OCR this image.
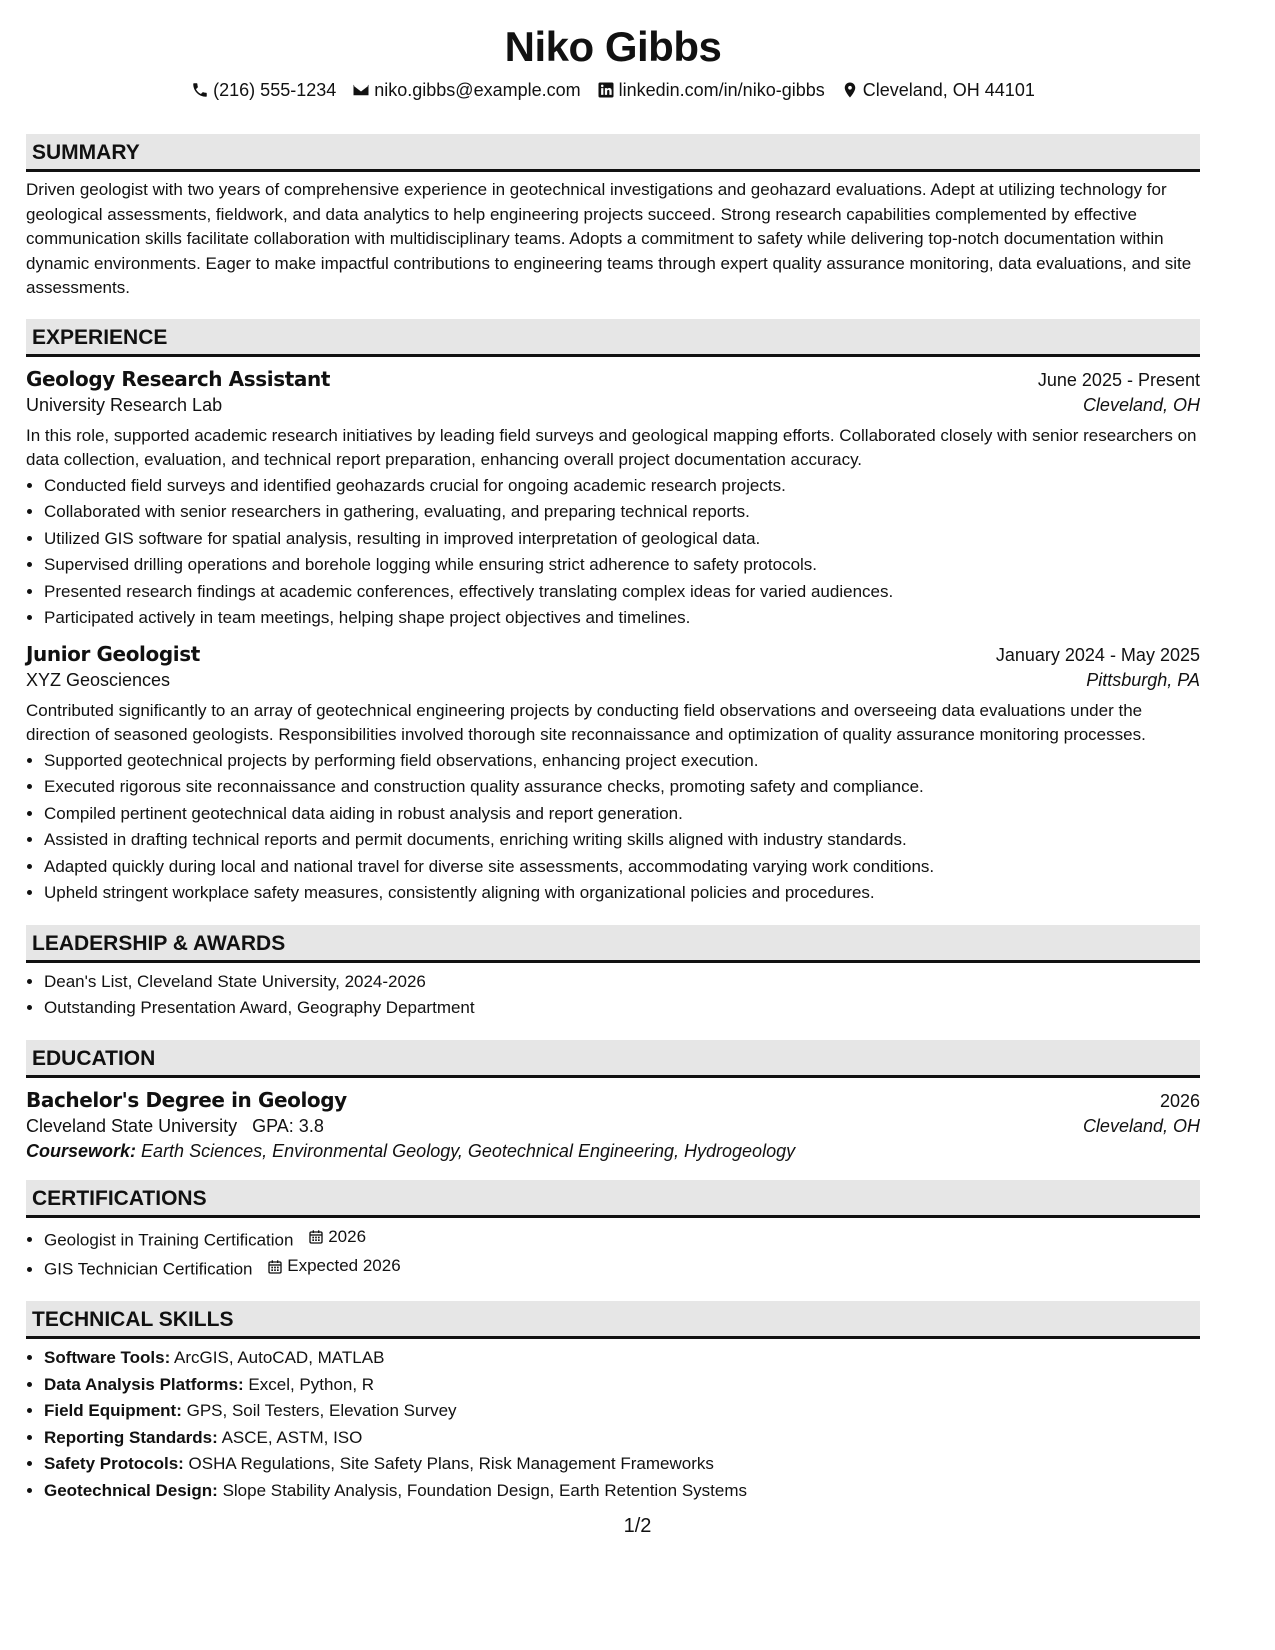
Niko Gibbs
(216) 555-1234 niko.gibbs@example.com linkedin.com/in/niko-gibbs Cleveland, OH 44101
SUMMARY

Driven geologist with two years of comprehensive experience in geotechnical investigations and geohazard evaluations. Adept at utilizing technology for geological assessments, fieldwork, and data analytics to help engineering projects succeed. Strong research capabilities complemented by effective communication skills facilitate collaboration with multidisciplinary teams. Adopts a commitment to safety while delivering top-notch documentation within dynamic environments. Eager to make impactful contributions to engineering teams through expert quality assurance monitoring, data evaluations, and site assessments.

EXPERIENCE
Geology Research Assistant	June 2025 - Present
University Research Lab	Cleveland, OH

In this role, supported academic research initiatives by leading field surveys and geological mapping efforts. Collaborated closely with senior researchers on data collection, evaluation, and technical report preparation, enhancing overall project documentation accuracy.

• Conducted field surveys and identified geohazards crucial for ongoing academic research projects.
• Collaborated with senior researchers in gathering, evaluating, and preparing technical reports.
• Utilized GIS software for spatial analysis, resulting in improved interpretation of geological data.
• Supervised drilling operations and borehole logging while ensuring strict adherence to safety protocols.
• Presented research findings at academic conferences, effectively translating complex ideas for varied audiences.
• Participated actively in team meetings, helping shape project objectives and timelines.
Junior Geologist	January 2024 - May 2025
XYZ Geosciences	Pittsburgh, PA

Contributed significantly to an array of geotechnical engineering projects by conducting field observations and overseeing data evaluations under the direction of seasoned geologists. Responsibilities involved thorough site reconnaissance and optimization of quality assurance monitoring processes.

• Supported geotechnical projects by performing field observations, enhancing project execution.
• Executed rigorous site reconnaissance and construction quality assurance checks, promoting safety and compliance.
• Compiled pertinent geotechnical data aiding in robust analysis and report generation.
• Assisted in drafting technical reports and permit documents, enriching writing skills aligned with industry standards.
• Adapted quickly during local and national travel for diverse site assessments, accommodating varying work conditions.
• Upheld stringent workplace safety measures, consistently aligning with organizational policies and procedures.
LEADERSHIP & AWARDS
• Dean's List, Cleveland State University, 2024-2026
• Outstanding Presentation Award, Geography Department
EDUCATION
Bachelor's Degree in Geology	2026
Cleveland State University GPA: 3.8	Cleveland, OH
Coursework: Earth Sciences, Environmental Geology, Geotechnical Engineering, Hydrogeology
CERTIFICATIONS
• Geologist in Training Certification 2026
• GIS Technician Certification Expected 2026
TECHNICAL SKILLS
• Software Tools: ArcGIS, AutoCAD, MATLAB
• Data Analysis Platforms: Excel, Python, R
• Field Equipment: GPS, Soil Testers, Elevation Survey
• Reporting Standards: ASCE, ASTM, ISO
• Safety Protocols: OSHA Regulations, Site Safety Plans, Risk Management Frameworks
• Geotechnical Design: Slope Stability Analysis, Foundation Design, Earth Retention Systems
1/2
